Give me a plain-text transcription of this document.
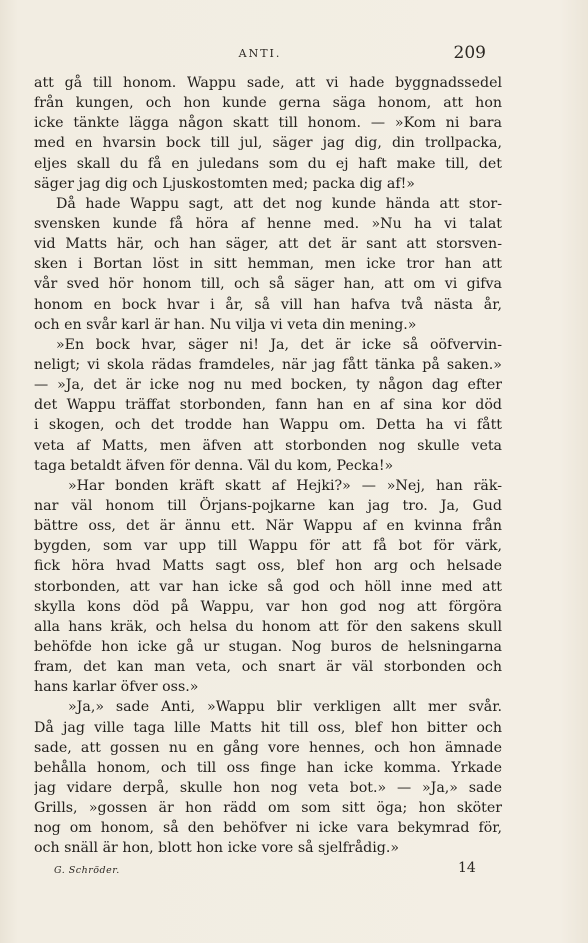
ANTI.	209
att gå till honom. Wappu sade, att vi hade byggnadssedel
från kungen, och hon kunde gerna säga honom, att hon
icke tänkte lägga någon skatt till honom. — »Kom ni bara
med en hvarsin bock till jul, säger jag dig, din trollpacka,
eljes skall du få en juledans som du ej haft make till, det
säger jag dig och Ljuskostomten med; packa dig af!»
Då hade Wappu sagt, att det nog kunde hända att stor-
svensken kunde få höra af henne med. »Nu ha vi talat
vid Matts här, och han säger, att det är sant att storsven-
sken i Bortan löst in sitt hemman, men icke tror han att
vår sved hör honom till, och så säger han, att om vi gifva
honom en bock hvar i år, så vill han hafva två nästa år,
och en svår karl är han. Nu vilja vi veta din mening.»
»En bock hvar, säger ni! Ja, det är icke så oöfvervin-
neligt; vi skola rädas framdeles, när jag fått tänka på saken.»
— »Ja, det är icke nog nu med bocken, ty någon dag efter
det Wappu träffat storbonden, fann han en af sina kor död
i skogen, och det trodde han Wappu om. Detta ha vi fått
veta af Matts, men äfven att storbonden nog skulle veta
taga betaldt äfven för denna. Väl du kom, Pecka!»
»Har bonden kräft skatt af Hejki?» — »Nej, han räk-
nar väl honom till Örjans-pojkarne kan jag tro. Ja, Gud
bättre oss, det är ännu ett. När Wappu af en kvinna från
bygden, som var upp till Wappu för att få bot för värk,
fick höra hvad Matts sagt oss, blef hon arg och helsade
storbonden, att var han icke så god och höll inne med att
skylla kons död på Wappu, var hon god nog att förgöra
alla hans kräk, och helsa du honom att för den sakens skull
behöfde hon icke gå ur stugan. Nog buros de helsningarna
fram, det kan man veta, och snart är väl storbonden och
hans karlar öfver oss.»
»Ja,» sade Anti, »Wappu blir verkligen allt mer svår.
Då jag ville taga lille Matts hit till oss, blef hon bitter och
sade, att gossen nu en gång vore hennes, och hon ämnade
behålla honom, och till oss finge han icke komma. Yrkade
jag vidare derpå, skulle hon nog veta bot.» — »Ja,» sade
Grills, »gossen är hon rädd om som sitt öga; hon sköter
nog om honom, så den behöfver ni icke vara bekymrad för,
och snäll är hon, blott hon icke vore så sjelfrådig.»
G. Schröder.	14
